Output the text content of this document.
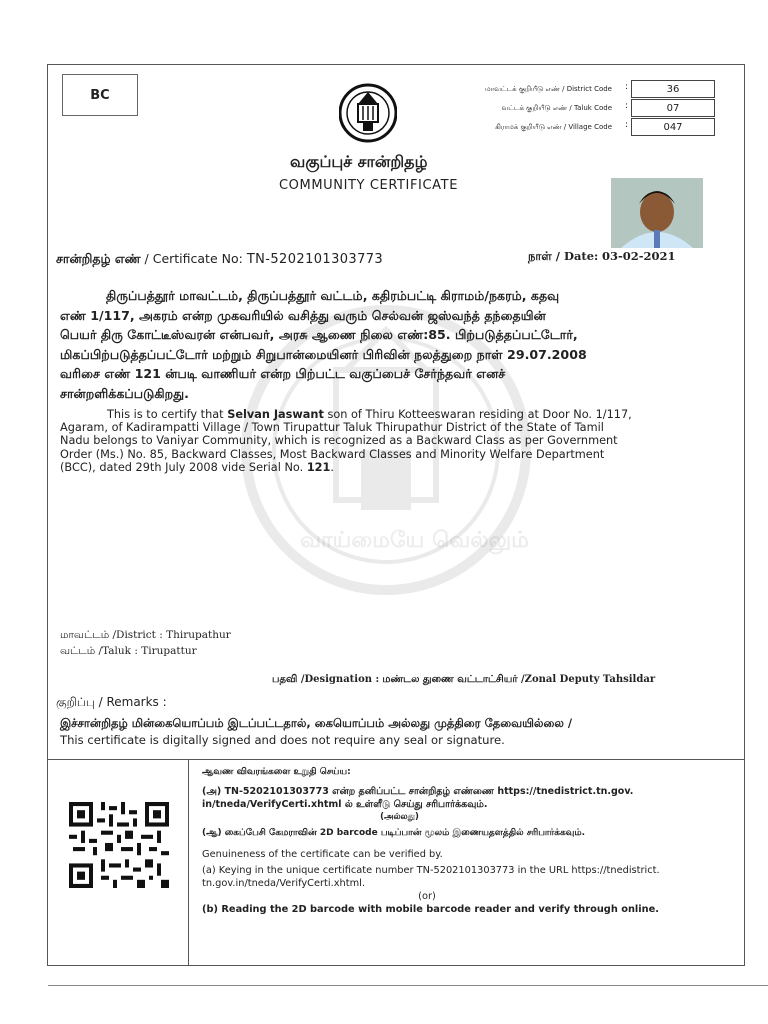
வாய்மையே வெல்லும்
BC	மாவட்டக் குறியீடு எண் / District Code :	36
வட்டக் குறியீடு எண் / Taluk Code :	07
கிராமக் குறியீடு எண் / Village Code :	047
வகுப்புச் சான்றிதழ்
COMMUNITY CERTIFICATE
சான்றிதழ் எண் / Certificate No: TN-5202101303773	நாள் / Date: 03-02-2021
திருப்பத்தூர் மாவட்டம், திருப்பத்தூர் வட்டம், கதிரம்பட்டி கிராமம்/நகரம், கதவு
எண் 1/117, அகரம் என்ற முகவரியில் வசித்து வரும் செல்வன் ஜஸ்வந்த் தந்தையின்
பெயர் திரு கோட்டீஸ்வரன் என்பவர், அரசு ஆணை நிலை எண்:85. பிற்படுத்தப்பட்டோர்,
மிகப்பிற்படுத்தப்பட்டோர் மற்றும் சிறுபான்மையினர் பிரிவின் நலத்துறை நாள் 29.07.2008
வரிசை எண் 121 ன்படி வாணியர் என்ற பிற்பட்ட வகுப்பைச் சேர்ந்தவர் எனச்
சான்றளிக்கப்படுகிறது.
This is to certify that Selvan Jaswant son of Thiru Kotteeswaran residing at Door No. 1/117,
Agaram, of Kadirampatti Village / Town Tirupattur Taluk Thirupathur District of the State of Tamil
Nadu belongs to Vaniyar Community, which is recognized as a Backward Class as per Government
Order (Ms.) No. 85, Backward Classes, Most Backward Classes and Minority Welfare Department
(BCC), dated 29th July 2008 vide Serial No. 121.
மாவட்டம் /District : Thirupathur
வட்டம் /Taluk : Tirupattur
பதவி /Designation : மண்டல துணை வட்டாட்சியர் /Zonal Deputy Tahsildar
குறிப்பு / Remarks :
இச்சான்றிதழ் மின்கையொப்பம் இடப்பட்டதால், கையொப்பம் அல்லது முத்திரை தேவையில்லை /
This certificate is digitally signed and does not require any seal or signature.
ஆவண விவரங்களை உறுதி செய்ய:
(அ) TN-5202101303773 என்ற தனிப்பட்ட சான்றிதழ் எண்ணை https://tnedistrict.tn.gov.
in/tneda/VerifyCerti.xhtml ல் உள்ளீடு செய்து சரிபார்க்கவும்.
(அல்லது)
(ஆ) கைப்பேசி கேமராவின் 2D barcode படிப்பான் மூலம் இணையதளத்தில் சரிபார்க்கவும்.
Genuineness of the certificate can be verified by.
(a) Keying in the unique certificate number TN-5202101303773 in the URL https://tnedistrict.
tn.gov.in/tneda/VerifyCerti.xhtml.
(or)
(b) Reading the 2D barcode with mobile barcode reader and verify through online.
